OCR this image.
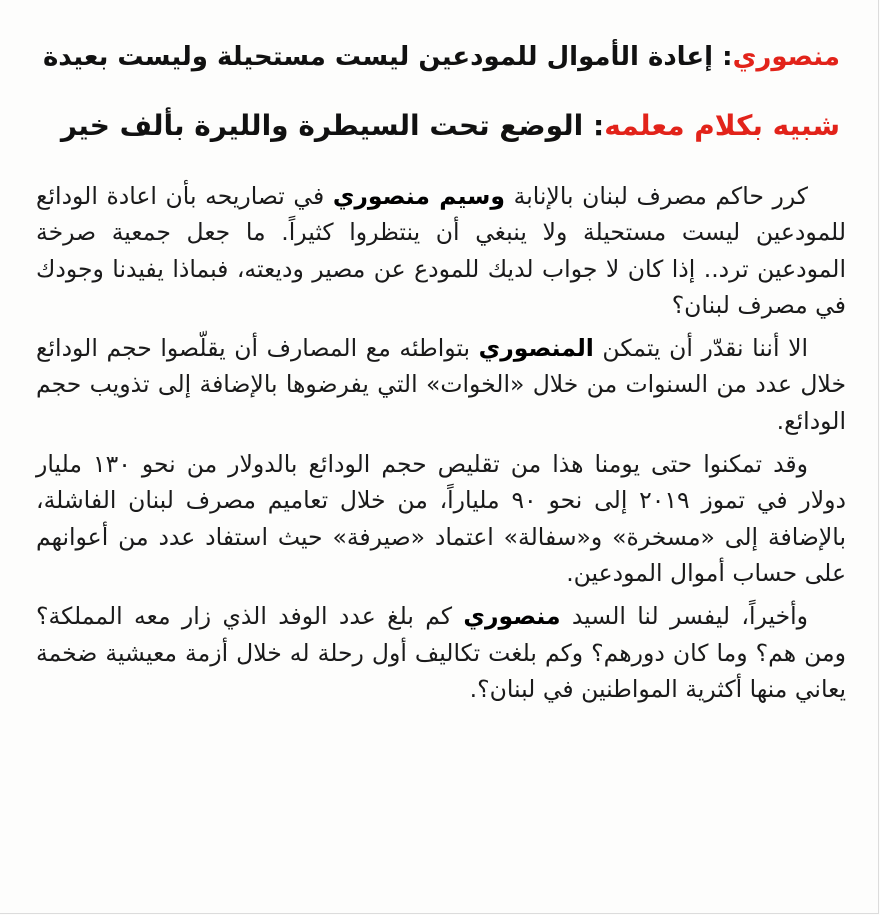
منصوري: إعادة الأموال للمودعين ليست مستحيلة وليست بعيدة
شبيه بكلام معلمه: الوضع تحت السيطرة والليرة بألف خير

كرر حاكم مصرف لبنان بالإنابة وسيم منصوري في تصاريحه بأن اعادة الودائع للمودعين ليست مستحيلة ولا ينبغي أن ينتظروا كثيراً. ما جعل جمعية صرخة المودعين ترد.. إذا كان لا جواب لديك للمودع عن مصير وديعته، فبماذا يفيدنا وجودك في مصرف لبنان؟

الا أننا نقدّر أن يتمكن المنصوري بتواطئه مع المصارف أن يقلّصوا حجم الودائع خلال عدد من السنوات من خلال «الخوات» التي يفرضوها بالإضافة إلى تذويب حجم الودائع.

وقد تمكنوا حتى يومنا هذا من تقليص حجم الودائع بالدولار من نحو ١٣٠ مليار دولار في تموز ٢٠١٩ إلى نحو ٩٠ ملياراً، من خلال تعاميم مصرف لبنان الفاشلة، بالإضافة إلى «مسخرة» و«سفالة» اعتماد «صيرفة» حيث استفاد عدد من أعوانهم على حساب أموال المودعين.

وأخيراً، ليفسر لنا السيد منصوري كم بلغ عدد الوفد الذي زار معه المملكة؟ ومن هم؟ وما كان دورهم؟ وكم بلغت تكاليف أول رحلة له خلال أزمة معيشية ضخمة يعاني منها أكثرية المواطنين في لبنان؟.
